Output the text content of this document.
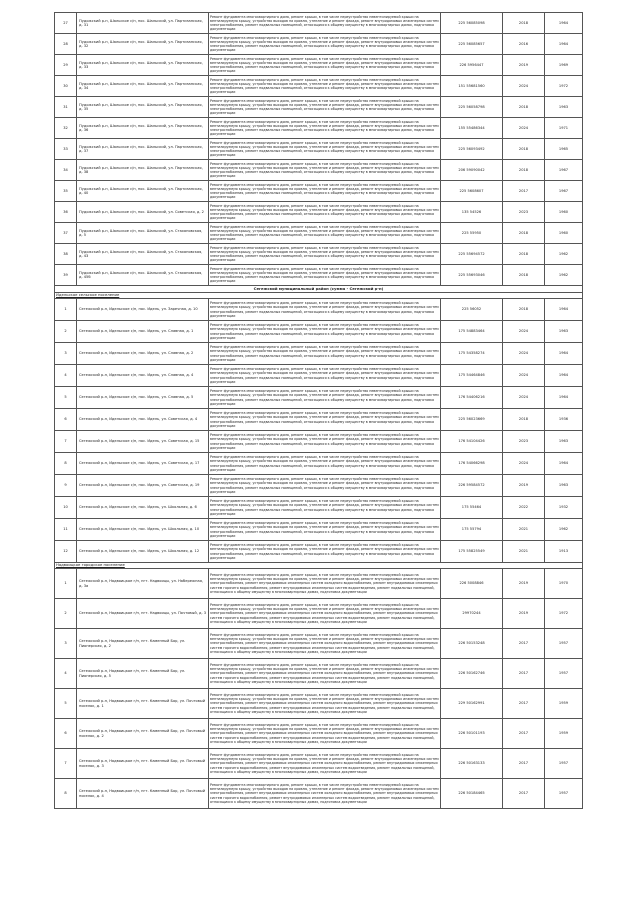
27	Пудожский р-н, Шальское с/п, пос. Шальский, ул. Партизанская, д. 31	Ремонт фундамента многоквартирного дома, ремонт крыши, в том числе переустройство невентилируемой крыши на вентилируемую крышу, устройство выходов на кровлю, утепление и ремонт фасада, ремонт внутридомовых инженерных систем электроснабжения, ремонт подвальных помещений, относящихся к общему имуществу в многоквартирных домах, подготовка документации	225 56085098	2018	1964
28	Пудожский р-н, Шальское с/п, пос. Шальский, ул. Партизанская, д. 32	Ремонт фундамента многоквартирного дома, ремонт крыши, в том числе переустройство невентилируемой крыши на вентилируемую крышу, устройство выходов на кровлю, утепление и ремонт фасада, ремонт внутридомовых инженерных систем электроснабжения, ремонт подвальных помещений, относящихся к общему имуществу в многоквартирных домах, подготовка документации	225 56085657	2016	1964
29	Пудожский р-н, Шальское с/п, пос. Шальский, ул. Партизанская, д. 33	Ремонт фундамента многоквартирного дома, ремонт крыши, в том числе переустройство невентилируемой крыши на вентилируемую крышу, устройство выходов на кровлю, утепление и ремонт фасада, ремонт внутридомовых инженерных систем электроснабжения, ремонт подвальных помещений, относящихся к общему имуществу в многоквартирных домах, подготовка документации	226 5956447	2019	1969
30	Пудожский р-н, Шальское с/п, пос. Шальский, ул. Партизанская, д. 34	Ремонт фундамента многоквартирного дома, ремонт крыши, в том числе переустройство невентилируемой крыши на вентилируемую крышу, устройство выходов на кровлю, утепление и ремонт фасада, ремонт внутридомовых инженерных систем электроснабжения, ремонт подвальных помещений, относящихся к общему имуществу в многоквартирных домах, подготовка документации	151 55681560	2024	1972
31	Пудожский р-н, Шальское с/п, пос. Шальский, ул. Партизанская, д. 35	Ремонт фундамента многоквартирного дома, ремонт крыши, в том числе переустройство невентилируемой крыши на вентилируемую крышу, устройство выходов на кровлю, утепление и ремонт фасада, ремонт внутридомовых инженерных систем электроснабжения, ремонт подвальных помещений, относящихся к общему имуществу в многоквартирных домах, подготовка документации	225 56058798	2018	1963
32	Пудожский р-н, Шальское с/п, пос. Шальский, ул. Партизанская, д. 36	Ремонт фундамента многоквартирного дома, ремонт крыши, в том числе переустройство невентилируемой крыши на вентилируемую крышу, устройство выходов на кровлю, утепление и ремонт фасада, ремонт внутридомовых инженерных систем электроснабжения, ремонт подвальных помещений, относящихся к общему имуществу в многоквартирных домах, подготовка документации	155 55486344	2024	1971
33	Пудожский р-н, Шальское с/п, пос. Шальский, ул. Партизанская, д. 37	Ремонт фундамента многоквартирного дома, ремонт крыши, в том числе переустройство невентилируемой крыши на вентилируемую крышу, устройство выходов на кровлю, утепление и ремонт фасада, ремонт внутридомовых инженерных систем электроснабжения, ремонт подвальных помещений, относящихся к общему имуществу в многоквартирных домах, подготовка документации	225 56093492	2018	1965
34	Пудожский р-н, Шальское с/п, пос. Шальский, ул. Партизанская, д. 38	Ремонт фундамента многоквартирного дома, ремонт крыши, в том числе переустройство невентилируемой крыши на вентилируемую крышу, устройство выходов на кровлю, утепление и ремонт фасада, ремонт внутридомовых инженерных систем электроснабжения, ремонт подвальных помещений, относящихся к общему имуществу в многоквартирных домах, подготовка документации	206 59090042	2018	1967
35	Пудожский р-н, Шальское с/п, пос. Шальский, ул. Партизанская, д. 40	Ремонт фундамента многоквартирного дома, ремонт крыши, в том числе переустройство невентилируемой крыши на вентилируемую крышу, устройство выходов на кровлю, утепление и ремонт фасада, ремонт внутридомовых инженерных систем электроснабжения, ремонт подвальных помещений, относящихся к общему имуществу в многоквартирных домах, подготовка документации	225 5608607	2017	1967
36	Пудожский р-н, Шальское с/п, пос. Шальский, ул. Советская, д. 2	Ремонт фундамента многоквартирного дома, ремонт крыши, в том числе переустройство невентилируемой крыши на вентилируемую крышу, устройство выходов на кровлю, утепление и ремонт фасада, ремонт внутридомовых инженерных систем электроснабжения, ремонт подвальных помещений, относящихся к общему имуществу в многоквартирных домах, подготовка документации	135 54526	2023	1960
37	Пудожский р-н, Шальское с/п, пос. Шальский, ул. Стахановская, д. 5	Ремонт фундамента многоквартирного дома, ремонт крыши, в том числе переустройство невентилируемой крыши на вентилируемую крышу, устройство выходов на кровлю, утепление и ремонт фасада, ремонт внутридомовых инженерных систем электроснабжения, ремонт подвальных помещений, относящихся к общему имуществу в многоквартирных домах, подготовка документации	225 55950	2018	1960
38	Пудожский р-н, Шальское с/п, пос. Шальский, ул. Стахановская, д. 43	Ремонт фундамента многоквартирного дома, ремонт крыши, в том числе переустройство невентилируемой крыши на вентилируемую крышу, устройство выходов на кровлю, утепление и ремонт фасада, ремонт внутридомовых инженерных систем электроснабжения, ремонт подвальных помещений, относящихся к общему имуществу в многоквартирных домах, подготовка документации	225 55694572	2018	1962
39	Пудожский р-н, Шальское с/п, пос. Шальский, ул. Стахановская, д. 45б	Ремонт фундамента многоквартирного дома, ремонт крыши, в том числе переустройство невентилируемой крыши на вентилируемую крышу, устройство выходов на кровлю, утепление и ремонт фасада, ремонт внутридомовых инженерных систем электроснабжения, ремонт подвальных помещений, относящихся к общему имуществу в многоквартирных домах, подготовка документации	225 55693046	2018	1962
Сегежский муниципальный район (сумма - Сегежский р-н)					
Идельское сельское поселение					
1	Сегежский р-н, Идельское с/п, пос. Идель, ул. Заречная, д. 10	Ремонт фундамента многоквартирного дома, ремонт крыши, в том числе переустройство невентилируемой крыши на вентилируемую крышу, устройство выходов на кровлю, утепление и ремонт фасада, ремонт внутридомовых инженерных систем электроснабжения, ремонт подвальных помещений, относящихся к общему имуществу в многоквартирных домах, подготовка документации	225 56052	2018	1964
2	Сегежский р-н, Идельское с/п, пос. Идель, ул. Славная, д. 1	Ремонт фундамента многоквартирного дома, ремонт крыши, в том числе переустройство невентилируемой крыши на вентилируемую крышу, устройство выходов на кровлю, утепление и ремонт фасада, ремонт внутридомовых инженерных систем электроснабжения, ремонт подвальных помещений, относящихся к общему имуществу в многоквартирных домах, подготовка документации	175 54883464	2024	1963
3	Сегежский р-н, Идельское с/п, пос. Идель, ул. Славная, д. 2	Ремонт фундамента многоквартирного дома, ремонт крыши, в том числе переустройство невентилируемой крыши на вентилируемую крышу, устройство выходов на кровлю, утепление и ремонт фасада, ремонт внутридомовых инженерных систем электроснабжения, ремонт подвальных помещений, относящихся к общему имуществу в многоквартирных домах, подготовка документации	175 54358274	2024	1964
4	Сегежский р-н, Идельское с/п, пос. Идель, ул. Славная, д. 4	Ремонт фундамента многоквартирного дома, ремонт крыши, в том числе переустройство невентилируемой крыши на вентилируемую крышу, устройство выходов на кровлю, утепление и ремонт фасада, ремонт внутридомовых инженерных систем электроснабжения, ремонт подвальных помещений, относящихся к общему имуществу в многоквартирных домах, подготовка документации	175 54464846	2024	1964
5	Сегежский р-н, Идельское с/п, пос. Идель, ул. Славная, д. 5	Ремонт фундамента многоквартирного дома, ремонт крыши, в том числе переустройство невентилируемой крыши на вентилируемую крышу, устройство выходов на кровлю, утепление и ремонт фасада, ремонт внутридомовых инженерных систем электроснабжения, ремонт подвальных помещений, относящихся к общему имуществу в многоквартирных домах, подготовка документации	176 54406216	2024	1964
6	Сегежский р-н, Идельское с/п, пос. Идель, ул. Советская, д. 4	Ремонт фундамента многоквартирного дома, ремонт крыши, в том числе переустройство невентилируемой крыши на вентилируемую крышу, устройство выходов на кровлю, утепление и ремонт фасада, ремонт внутридомовых инженерных систем электроснабжения, ремонт подвальных помещений, относящихся к общему имуществу в многоквартирных домах, подготовка документации	225 56023669	2018	1936
7	Сегежский р-н, Идельское с/п, пос. Идель, ул. Советская, д. 15	Ремонт фундамента многоквартирного дома, ремонт крыши, в том числе переустройство невентилируемой крыши на вентилируемую крышу, устройство выходов на кровлю, утепление и ремонт фасада, ремонт внутридомовых инженерных систем электроснабжения, ремонт подвальных помещений, относящихся к общему имуществу в многоквартирных домах, подготовка документации	176 54104426	2023	1963
8	Сегежский р-н, Идельское с/п, пос. Идель, ул. Советская, д. 17	Ремонт фундамента многоквартирного дома, ремонт крыши, в том числе переустройство невентилируемой крыши на вентилируемую крышу, устройство выходов на кровлю, утепление и ремонт фасада, ремонт внутридомовых инженерных систем электроснабжения, ремонт подвальных помещений, относящихся к общему имуществу в многоквартирных домах, подготовка документации	176 54066298	2024	1964
9	Сегежский р-н, Идельское с/п, пос. Идель, ул. Советская, д. 19	Ремонт фундамента многоквартирного дома, ремонт крыши, в том числе переустройство невентилируемой крыши на вентилируемую крышу, устройство выходов на кровлю, утепление и ремонт фасада, ремонт внутридомовых инженерных систем электроснабжения, ремонт подвальных помещений, относящихся к общему имуществу в многоквартирных домах, подготовка документации	226 59584572	2019	1963
10	Сегежский р-н, Идельское с/п, пос. Идель, ул. Школьная, д. 6	Ремонт фундамента многоквартирного дома, ремонт крыши, в том числе переустройство невентилируемой крыши на вентилируемую крышу, устройство выходов на кровлю, утепление и ремонт фасада, ремонт внутридомовых инженерных систем электроснабжения, ремонт подвальных помещений, относящихся к общему имуществу в многоквартирных домах, подготовка документации	175 55464	2022	1932
11	Сегежский р-н, Идельское с/п, пос. Идель, ул. Школьная, д. 10	Ремонт фундамента многоквартирного дома, ремонт крыши, в том числе переустройство невентилируемой крыши на вентилируемую крышу, устройство выходов на кровлю, утепление и ремонт фасада, ремонт внутридомовых инженерных систем электроснабжения, ремонт подвальных помещений, относящихся к общему имуществу в многоквартирных домах, подготовка документации	175 55794	2021	1962
12	Сегежский р-н, Идельское с/п, пос. Идель, ул. Школьная, д. 12	Ремонт фундамента многоквартирного дома, ремонт крыши, в том числе переустройство невентилируемой крыши на вентилируемую крышу, устройство выходов на кровлю, утепление и ремонт фасада, ремонт внутридомовых инженерных систем электроснабжения, ремонт подвальных помещений, относящихся к общему имуществу в многоквартирных домах, подготовка документации	175 55825549	2021	1913
Надвоицкое городское поселение					
1	Сегежский р-н, Надвоицкое г/п, пгт. Надвоицы, ул. Набережная, д. 3а	Ремонт фундамента многоквартирного дома, ремонт крыши, в том числе переустройство невентилируемой крыши на вентилируемую крышу, устройство выходов на кровлю, утепление и ремонт фасада, ремонт внутридомовых инженерных систем электроснабжения, ремонт внутридомовых инженерных систем холодного водоснабжения, ремонт внутридомовых инженерных систем горячего водоснабжения, ремонт внутридомовых инженерных систем водоотведения, ремонт подвальных помещений, относящихся к общему имуществу в многоквартирных домах, подготовка документации	226 5008846	2019	1970
2	Сегежский р-н, Надвоицкое г/п, пгт. Надвоицы, ул. Почтовый, д. 3	Ремонт фундамента многоквартирного дома, ремонт крыши, в том числе переустройство невентилируемой крыши на вентилируемую крышу, устройство выходов на кровлю, утепление и ремонт фасада, ремонт внутридомовых инженерных систем электроснабжения, ремонт внутридомовых инженерных систем холодного водоснабжения, ремонт внутридомовых инженерных систем горячего водоснабжения, ремонт внутридомовых инженерных систем водоотведения, ремонт подвальных помещений, относящихся к общему имуществу в многоквартирных домах, подготовка документации	29970244	2019	1972
3	Сегежский р-н, Надвоицкое г/п, пгт. Каменный Бор, ул. Пионерская, д. 2	Ремонт фундамента многоквартирного дома, ремонт крыши, в том числе переустройство невентилируемой крыши на вентилируемую крышу, устройство выходов на кровлю, утепление и ремонт фасада, ремонт внутридомовых инженерных систем электроснабжения, ремонт внутридомовых инженерных систем холодного водоснабжения, ремонт внутридомовых инженерных систем горячего водоснабжения, ремонт внутридомовых инженерных систем водоотведения, ремонт подвальных помещений, относящихся к общему имуществу в многоквартирных домах, подготовка документации	226 50153248	2017	1957
4	Сегежский р-н, Надвоицкое г/п, пгт. Каменный Бор, ул. Пионерская, д. 5	Ремонт фундамента многоквартирного дома, ремонт крыши, в том числе переустройство невентилируемой крыши на вентилируемую крышу, устройство выходов на кровлю, утепление и ремонт фасада, ремонт внутридомовых инженерных систем электроснабжения, ремонт внутридомовых инженерных систем холодного водоснабжения, ремонт внутридомовых инженерных систем горячего водоснабжения, ремонт внутридомовых инженерных систем водоотведения, ремонт подвальных помещений, относящихся к общему имуществу в многоквартирных домах, подготовка документации	226 50162746	2017	1957
5	Сегежский р-н, Надвоицкое г/п, пгт. Каменный Бор, ул. Почтовый поселок, д. 1	Ремонт фундамента многоквартирного дома, ремонт крыши, в том числе переустройство невентилируемой крыши на вентилируемую крышу, устройство выходов на кровлю, утепление и ремонт фасада, ремонт внутридомовых инженерных систем электроснабжения, ремонт внутридомовых инженерных систем холодного водоснабжения, ремонт внутридомовых инженерных систем горячего водоснабжения, ремонт внутридомовых инженерных систем водоотведения, ремонт подвальных помещений, относящихся к общему имуществу в многоквартирных домах, подготовка документации	229 50162991	2017	1959
6	Сегежский р-н, Надвоицкое г/п, пгт. Каменный Бор, ул. Почтовый поселок, д. 2	Ремонт фундамента многоквартирного дома, ремонт крыши, в том числе переустройство невентилируемой крыши на вентилируемую крышу, устройство выходов на кровлю, утепление и ремонт фасада, ремонт внутридомовых инженерных систем электроснабжения, ремонт внутридомовых инженерных систем холодного водоснабжения, ремонт внутридомовых инженерных систем горячего водоснабжения, ремонт внутридомовых инженерных систем водоотведения, ремонт подвальных помещений, относящихся к общему имуществу в многоквартирных домах, подготовка документации	226 50101193	2017	1959
7	Сегежский р-н, Надвоицкое г/п, пгт. Каменный Бор, ул. Почтовый поселок, д. 3	Ремонт фундамента многоквартирного дома, ремонт крыши, в том числе переустройство невентилируемой крыши на вентилируемую крышу, устройство выходов на кровлю, утепление и ремонт фасада, ремонт внутридомовых инженерных систем электроснабжения, ремонт внутридомовых инженерных систем холодного водоснабжения, ремонт внутридомовых инженерных систем горячего водоснабжения, ремонт внутридомовых инженерных систем водоотведения, ремонт подвальных помещений, относящихся к общему имуществу в многоквартирных домах, подготовка документации	226 50163133	2017	1957
8	Сегежский р-н, Надвоицкое г/п, пгт. Каменный Бор, ул. Почтовый поселок, д. 4	Ремонт фундамента многоквартирного дома, ремонт крыши, в том числе переустройство невентилируемой крыши на вентилируемую крышу, устройство выходов на кровлю, утепление и ремонт фасада, ремонт внутридомовых инженерных систем электроснабжения, ремонт внутридомовых инженерных систем холодного водоснабжения, ремонт внутридомовых инженерных систем горячего водоснабжения, ремонт внутридомовых инженерных систем водоотведения, ремонт подвальных помещений, относящихся к общему имуществу в многоквартирных домах, подготовка документации	226 50184465	2017	1957
